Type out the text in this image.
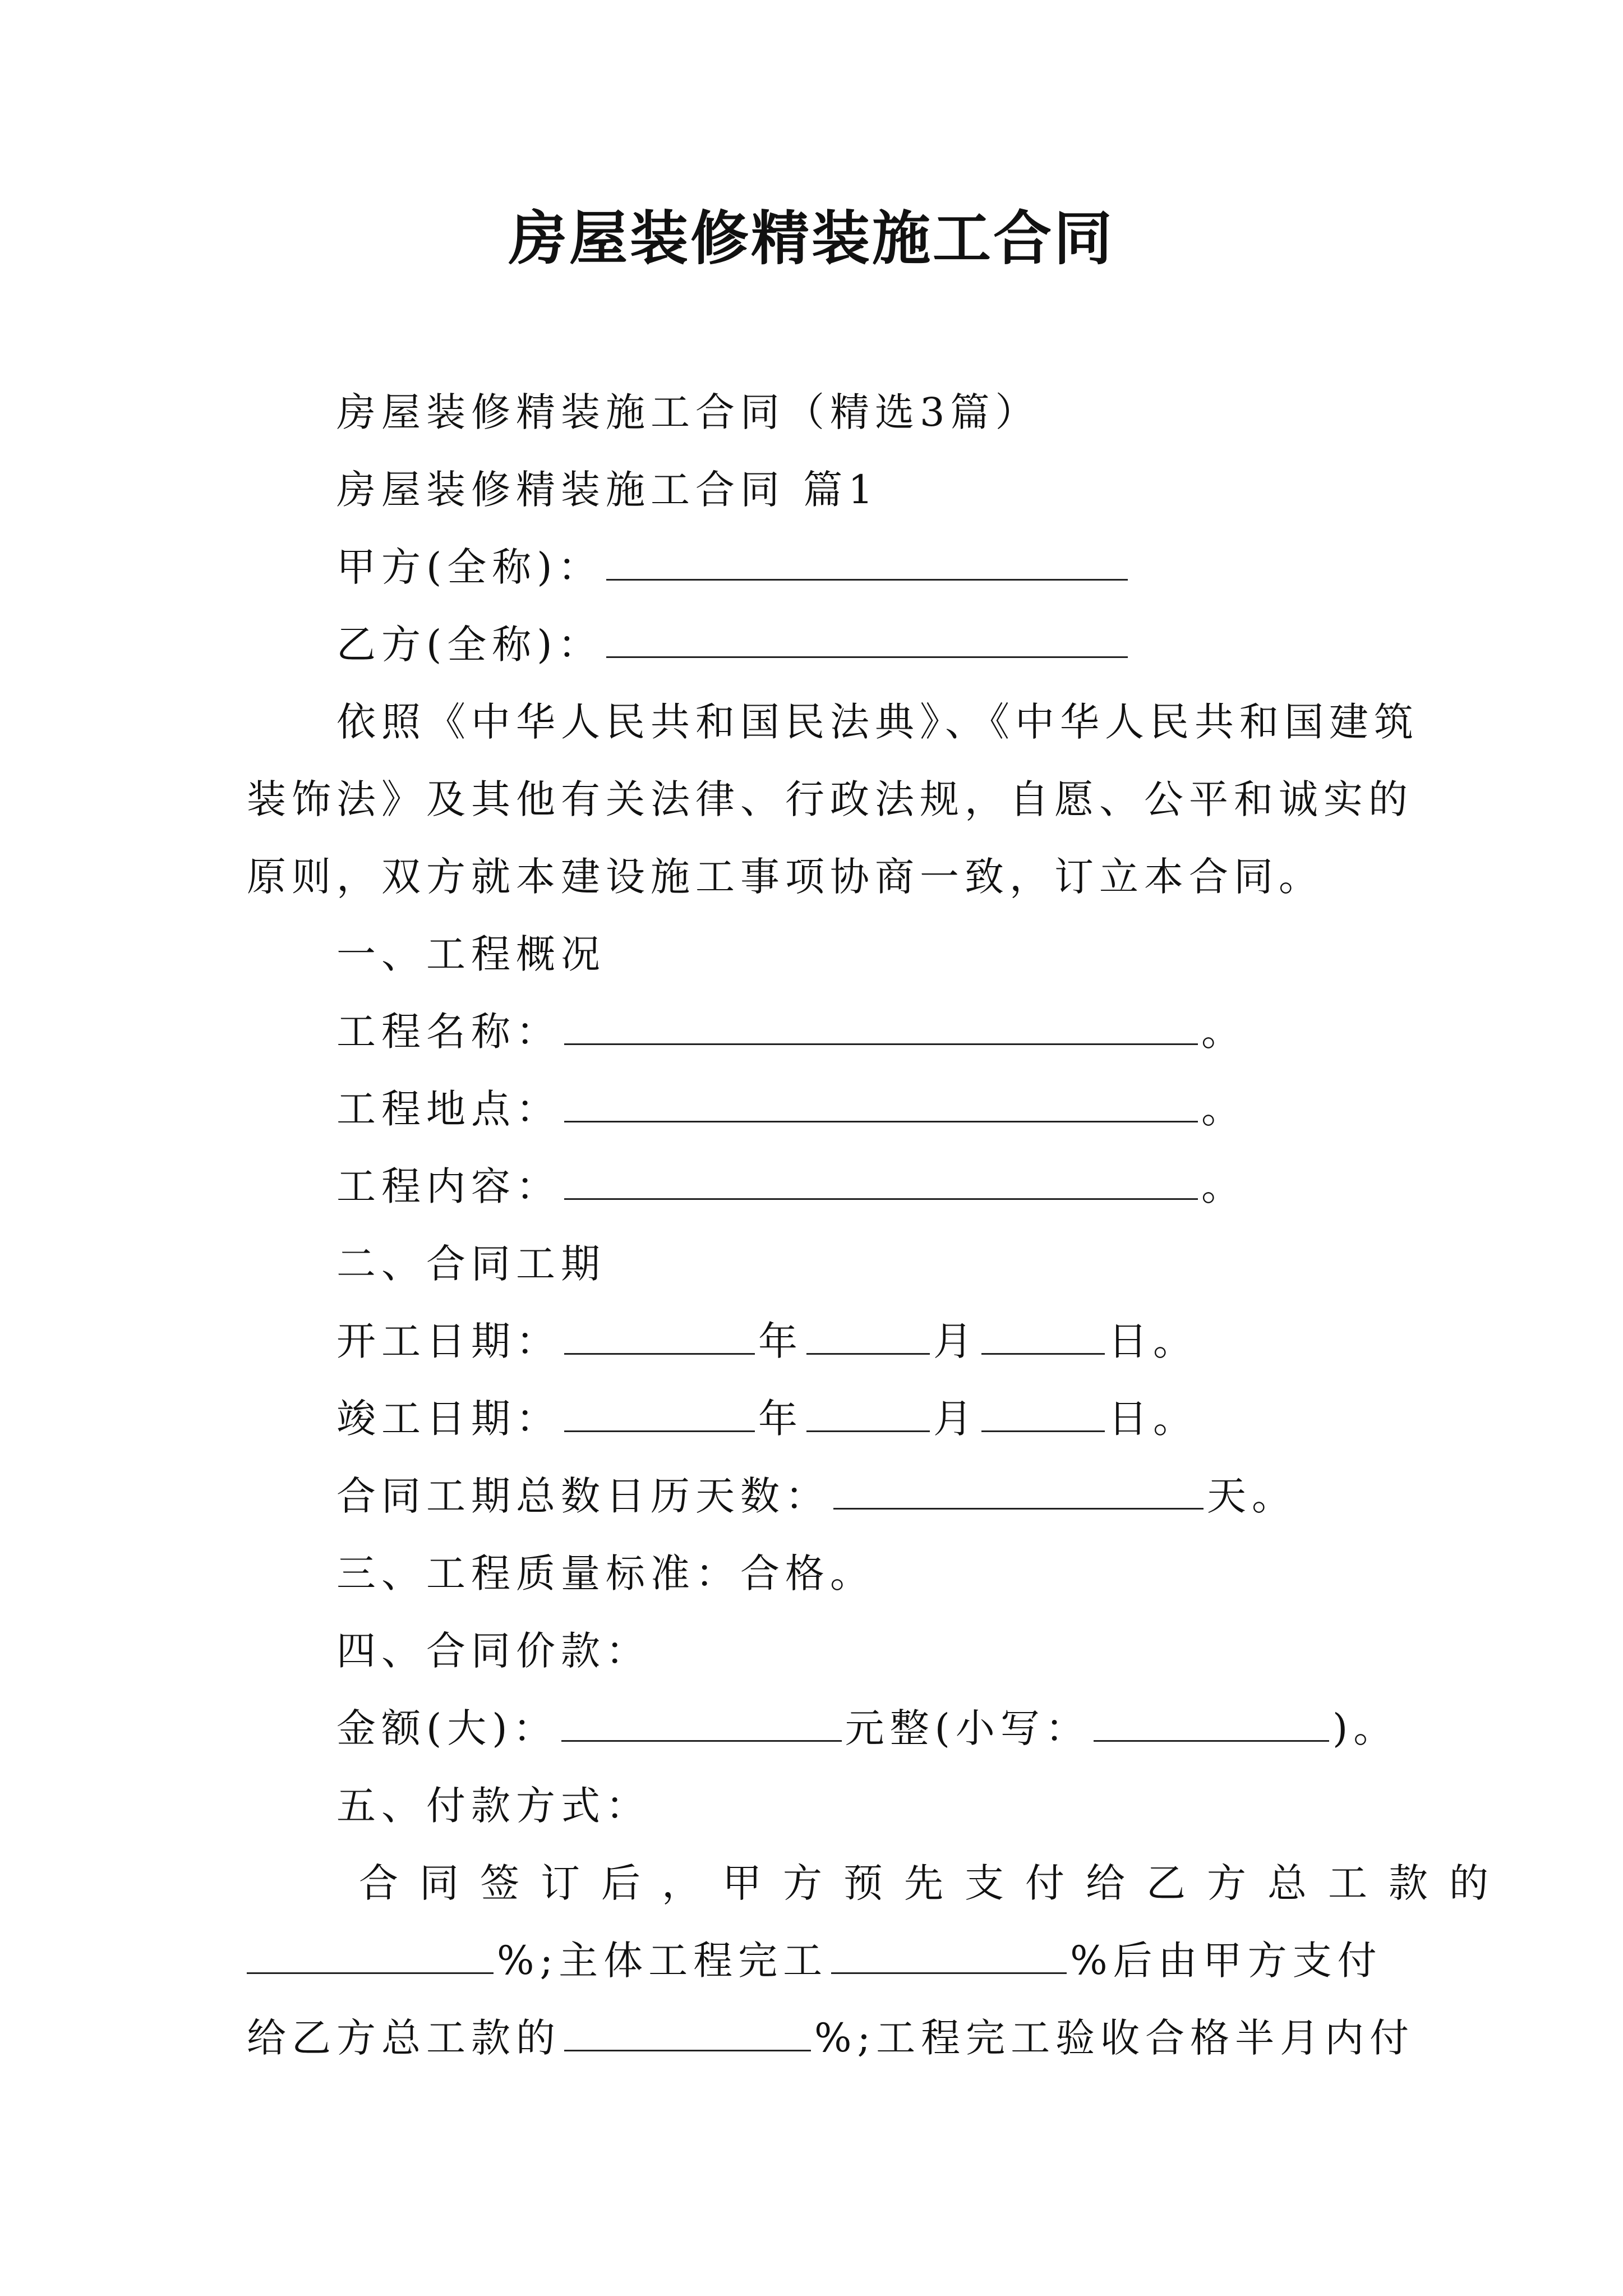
房屋装修精装施工合同
房屋装修精装施工合同（精选3篇）
房屋装修精装施工合同 篇1
甲方(全称)：
乙方(全称)：
依照《中华人民共和国民法典》、《中华人民共和国建筑
装饰法》及其他有关法律、行政法规，自愿、公平和诚实的
原则，双方就本建设施工事项协商一致，订立本合同。
一、工程概况
工程名称：	。
工程地点：	。
工程内容：	。
二、合同工期
开工日期：	年	月	日。
竣工日期：	年	月	日。
合同工期总数日历天数：	天。
三、工程质量标准：合格。
四、合同价款：
金额(大)：	元整(小写：	)。
五、付款方式：
合同签订后，甲方预先支付给乙方总工款的
%;主体工程完工	%后由甲方支付
给乙方总工款的	%;工程完工验收合格半月内付
